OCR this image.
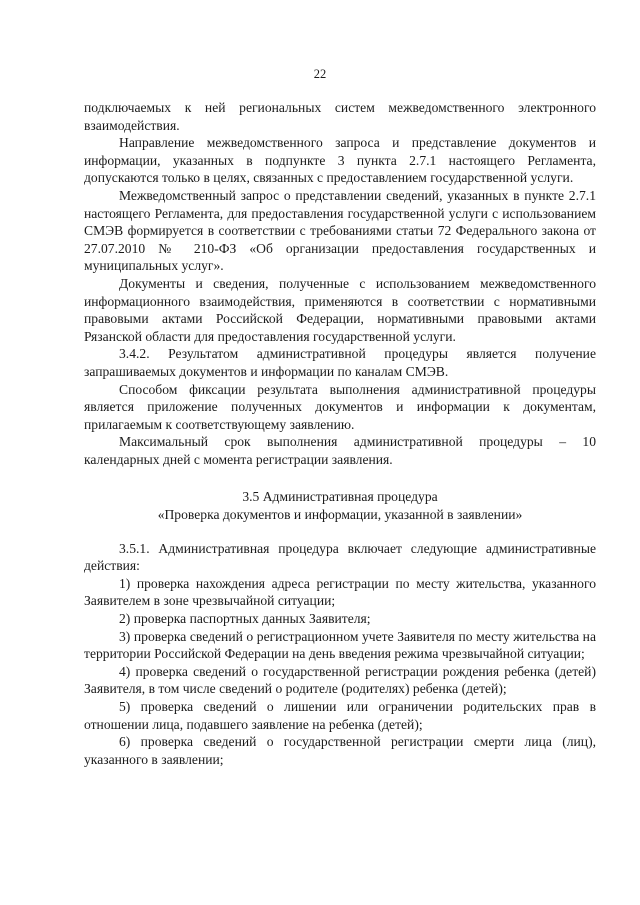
22

подключаемых к ней региональных систем межведомственного электронного взаимодействия.

Направление межведомственного запроса и представление документов и информации, указанных в подпункте 3 пункта 2.7.1 настоящего Регламента, допускаются только в целях, связанных с предоставлением государственной услуги.

Межведомственный запрос о представлении сведений, указанных в пункте 2.7.1 настоящего Регламента, для предоставления государственной услуги с использованием СМЭВ формируется в соответствии с требованиями статьи 72 Федерального закона от 27.07.2010 № 210-ФЗ «Об организации предоставления государственных и муниципальных услуг».

Документы и сведения, полученные с использованием межведомственного информационного взаимодействия, применяются в соответствии с нормативными правовыми актами Российской Федерации, нормативными правовыми актами Рязанской области для предоставления государственной услуги.

3.4.2. Результатом административной процедуры является получение запрашиваемых документов и информации по каналам СМЭВ.

Способом фиксации результата выполнения административной процедуры является приложение полученных документов и информации к документам, прилагаемым к соответствующему заявлению.

Максимальный срок выполнения административной процедуры – 10 календарных дней с момента регистрации заявления.

3.5 Административная процедура
«Проверка документов и информации, указанной в заявлении»

3.5.1. Административная процедура включает следующие административные действия:

1) проверка нахождения адреса регистрации по месту жительства, указанного Заявителем в зоне чрезвычайной ситуации;

2) проверка паспортных данных Заявителя;

3) проверка сведений о регистрационном учете Заявителя по месту жительства на территории Российской Федерации на день введения режима чрезвычайной ситуации;

4) проверка сведений о государственной регистрации рождения ребенка (детей) Заявителя, в том числе сведений о родителе (родителях) ребенка (детей);

5) проверка сведений о лишении или ограничении родительских прав в отношении лица, подавшего заявление на ребенка (детей);

6) проверка сведений о государственной регистрации смерти лица (лиц), указанного в заявлении;
